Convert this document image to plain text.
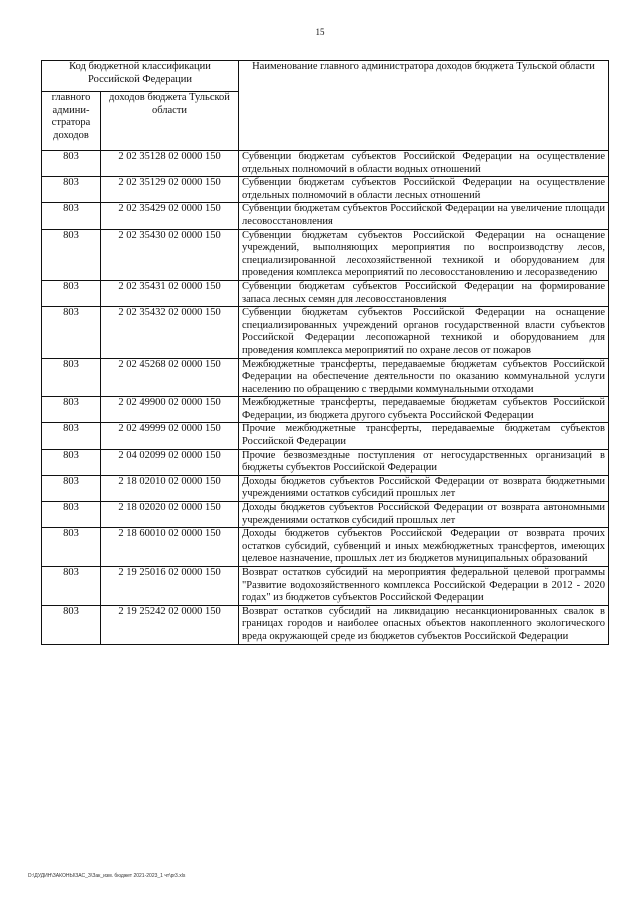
15
Код бюджетной классификации Российской Федерации		Наименование главного администратора доходов бюджета Тульской области
главного админи-стратора доходов	доходов бюджета Тульской области	
803	2 02 35128 02 0000 150	Субвенции бюджетам субъектов Российской Федерации на осуществление отдельных полномочий в области водных отношений
803	2 02 35129 02 0000 150	Субвенции бюджетам субъектов Российской Федерации на осуществление отдельных полномочий в области лесных отношений
803	2 02 35429 02 0000 150	Субвенции бюджетам субъектов Российской Федерации на увеличение площади лесовосстановления
803	2 02 35430 02 0000 150	Субвенции бюджетам субъектов Российской Федерации на оснащение учреждений, выполняющих мероприятия по воспроизводству лесов, специализированной лесохозяйственной техникой и оборудованием для проведения комплекса мероприятий по лесовосстановлению и лесоразведению
803	2 02 35431 02 0000 150	Субвенции бюджетам субъектов Российской Федерации на формирование запаса лесных семян для лесовосстановления
803	2 02 35432 02 0000 150	Субвенции бюджетам субъектов Российской Федерации на оснащение специализированных учреждений органов государственной власти субъектов Российской Федерации лесопожарной техникой и оборудованием для проведения комплекса мероприятий по охране лесов от пожаров
803	2 02 45268 02 0000 150	Межбюджетные трансферты, передаваемые бюджетам субъектов Российской Федерации на обеспечение деятельности по оказанию коммунальной услуги населению по обращению с твердыми коммунальными отходами
803	2 02 49900 02 0000 150	Межбюджетные трансферты, передаваемые бюджетам субъектов Российской Федерации, из бюджета другого субъекта Российской Федерации
803	2 02 49999 02 0000 150	Прочие межбюджетные трансферты, передаваемые бюджетам субъектов Российской Федерации
803	2 04 02099 02 0000 150	Прочие безвозмездные поступления от негосударственных организаций в бюджеты субъектов Российской Федерации
803	2 18 02010 02 0000 150	Доходы бюджетов субъектов Российской Федерации от возврата бюджетными учреждениями остатков субсидий прошлых лет
803	2 18 02020 02 0000 150	Доходы бюджетов субъектов Российской Федерации от возврата автономными учреждениями остатков субсидий прошлых лет
803	2 18 60010 02 0000 150	Доходы бюджетов субъектов Российской Федерации от возврата прочих остатков субсидий, субвенций и иных межбюджетных трансфертов, имеющих целевое назначение, прошлых лет из бюджетов муниципальных образований
803	2 19 25016 02 0000 150	Возврат остатков субсидий на мероприятия федеральной целевой программы "Развитие водохозяйственного комплекса Российской Федерации в 2012 - 2020 годах" из бюджетов субъектов Российской Федерации
803	2 19 25242 02 0000 150	Возврат остатков субсидий на ликвидацию несанкционированных свалок в границах городов и наиболее опасных объектов накопленного экологического вреда окружающей среде из бюджетов субъектов Российской Федерации
D:\ДУДИН\ЗАКОНЫ\ЗАС_З\Зак_изм. бюджет 2021-2023_1 чт\pr3.xls
